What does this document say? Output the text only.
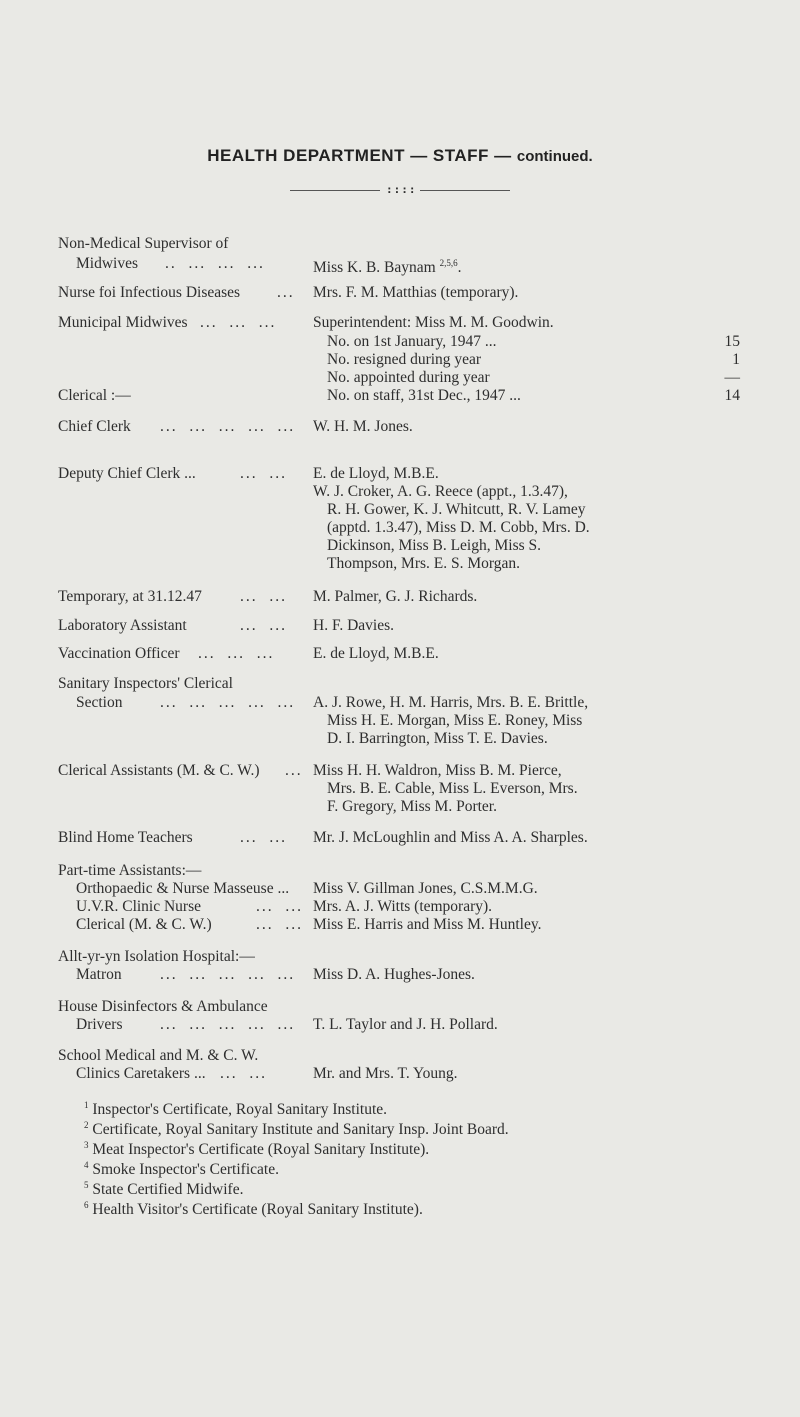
HEALTH DEPARTMENT — STAFF — continued.
::::
Non-Medical Supervisor of
Midwives ..  ...  ...  ...	Miss K. B. Baynam $^{2,5,6}$.
Nurse foi Infectious Diseases ... Mrs. F. M. Matthias (temporary).
Municipal Midwives ...  ...  ... Superintendent: Miss M. M. Goodwin.
No. on 1st January, 1947 ...	15
No. resigned during year	1
No. appointed during year	—
No. on staff, 31st Dec., 1947 ...	14
Clerical :—
Chief Clerk ...  ...  ...  ...  ... W. H. M. Jones.
Deputy Chief Clerk ...	...  ... E. de Lloyd, M.B.E.
W. J. Croker, A. G. Reece (appt., 1.3.47),
R. H. Gower, K. J. Whitcutt, R. V. Lamey
(apptd. 1.3.47), Miss D. M. Cobb, Mrs. D.
Dickinson, Miss B. Leigh, Miss S.
Thompson, Mrs. E. S. Morgan.
Temporary, at 31.12.47 ...  ... M. Palmer, G. J. Richards.
Laboratory Assistant	...  ... H. F. Davies.
Vaccination Officer ...  ...  ... E. de Lloyd, M.B.E.
Sanitary Inspectors' Clerical
Section ...  ...  ...  ...  ... A. J. Rowe, H. M. Harris, Mrs. B. E. Brittle,
Miss H. E. Morgan, Miss E. Roney, Miss
D. I. Barrington, Miss T. E. Davies.
Clerical Assistants (M. & C. W.) ... Miss H. H. Waldron, Miss B. M. Pierce,
Mrs. B. E. Cable, Miss L. Everson, Mrs.
F. Gregory, Miss M. Porter.
Blind Home Teachers	...  ... Mr. J. McLoughlin and Miss A. A. Sharples.
Part-time Assistants:—
Orthopaedic & Nurse Masseuse ... Miss V. Gillman Jones, C.S.M.M.G.
U.V.R. Clinic Nurse	...  ... Mrs. A. J. Witts (temporary).
Clerical (M. & C. W.)	...  ... Miss E. Harris and Miss M. Huntley.
Allt-yr-yn Isolation Hospital:—
Matron ...  ...  ...  ...  ... Miss D. A. Hughes-Jones.
House Disinfectors & Ambulance
Drivers ...  ...  ...  ...  ... T. L. Taylor and J. H. Pollard.
School Medical and M. & C. W.
Clinics Caretakers ... ...  ...	Mr. and Mrs. T. Young.
$^1$ Inspector's Certificate, Royal Sanitary Institute.
$^2$ Certificate, Royal Sanitary Institute and Sanitary Insp. Joint Board.
$^3$ Meat Inspector's Certificate (Royal Sanitary Institute).
$^4$ Smoke Inspector's Certificate.
$^5$ State Certified Midwife.
$^6$ Health Visitor's Certificate (Royal Sanitary Institute).
